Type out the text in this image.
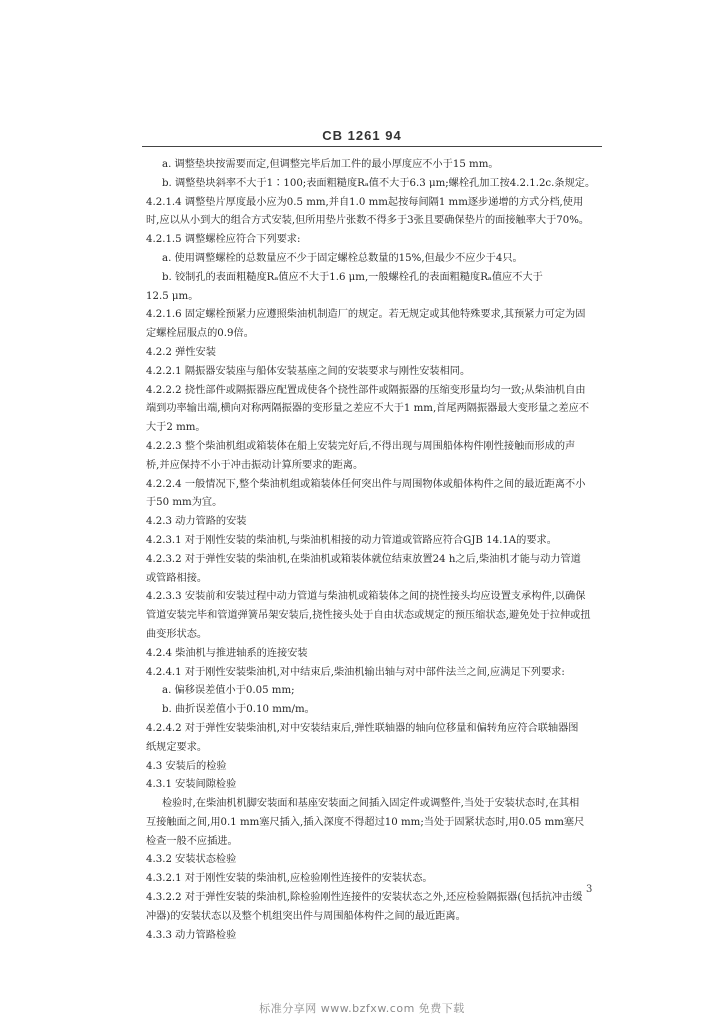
CB 1261 94
a. 调整垫块按需要而定,但调整完毕后加工件的最小厚度应不小于15 mm。
b. 调整垫块斜率不大于1∶100;表面粗糙度Rₐ值不大于6.3 μm;螺栓孔加工按4.2.1.2c.条规定。
4.2.1.4 调整垫片厚度最小应为0.5 mm,并自1.0 mm起按每间隔1 mm逐步递增的方式分档,使用
时,应以从小到大的组合方式安装,但所用垫片张数不得多于3张且要确保垫片的面接触率大于70%。
4.2.1.5 调整螺栓应符合下列要求:
a. 使用调整螺栓的总数量应不少于固定螺栓总数量的15%,但最少不应少于4只。
b. 铰制孔的表面粗糙度Rₐ值应不大于1.6 μm,一般螺栓孔的表面粗糙度Rₐ值应不大于
12.5 μm。
4.2.1.6 固定螺栓预紧力应遵照柴油机制造厂的规定。若无规定或其他特殊要求,其预紧力可定为固
定螺栓屈服点的0.9倍。
4.2.2 弹性安装
4.2.2.1 隔振器安装座与船体安装基座之间的安装要求与刚性安装相同。
4.2.2.2 挠性部件或隔振器应配置成使各个挠性部件或隔振器的压缩变形量均匀一致;从柴油机自由
端到功率输出端,横向对称两隔振器的变形量之差应不大于1 mm,首尾两隔振器最大变形量之差应不
大于2 mm。
4.2.2.3 整个柴油机组或箱装体在船上安装完好后,不得出现与周围船体构件刚性接触而形成的声
桥,并应保持不小于冲击振动计算所要求的距离。
4.2.2.4 一般情况下,整个柴油机组或箱装体任何突出件与周围物体或船体构件之间的最近距离不小
于50 mm为宜。
4.2.3 动力管路的安装
4.2.3.1 对于刚性安装的柴油机,与柴油机相接的动力管道或管路应符合GJB 14.1A的要求。
4.2.3.2 对于弹性安装的柴油机,在柴油机或箱装体就位结束放置24 h之后,柴油机才能与动力管道
或管路相接。
4.2.3.3 安装前和安装过程中动力管道与柴油机或箱装体之间的挠性接头均应设置支承构件,以确保
管道安装完毕和管道弹簧吊架安装后,挠性接头处于自由状态或规定的预压缩状态,避免处于拉伸或扭
曲变形状态。
4.2.4 柴油机与推进轴系的连接安装
4.2.4.1 对于刚性安装柴油机,对中结束后,柴油机输出轴与对中部件法兰之间,应满足下列要求:
a. 偏移误差值小于0.05 mm;
b. 曲折误差值小于0.10 mm/m。
4.2.4.2 对于弹性安装柴油机,对中安装结束后,弹性联轴器的轴向位移量和偏转角应符合联轴器图
纸规定要求。
4.3 安装后的检验
4.3.1 安装间隙检验
检验时,在柴油机机脚安装面和基座安装面之间插入固定件或调整件,当处于安装状态时,在其相
互接触面之间,用0.1 mm塞尺插入,插入深度不得超过10 mm;当处于固紧状态时,用0.05 mm塞尺
检查一般不应插进。
4.3.2 安装状态检验
4.3.2.1 对于刚性安装的柴油机,应检验刚性连接件的安装状态。
4.3.2.2 对于弹性安装的柴油机,除检验刚性连接件的安装状态之外,还应检验隔振器(包括抗冲击缓
冲器)的安装状态以及整个机组突出件与周围船体构件之间的最近距离。
4.3.3 动力管路检验
3
标准分享网 www.bzfxw.com 免费下载
